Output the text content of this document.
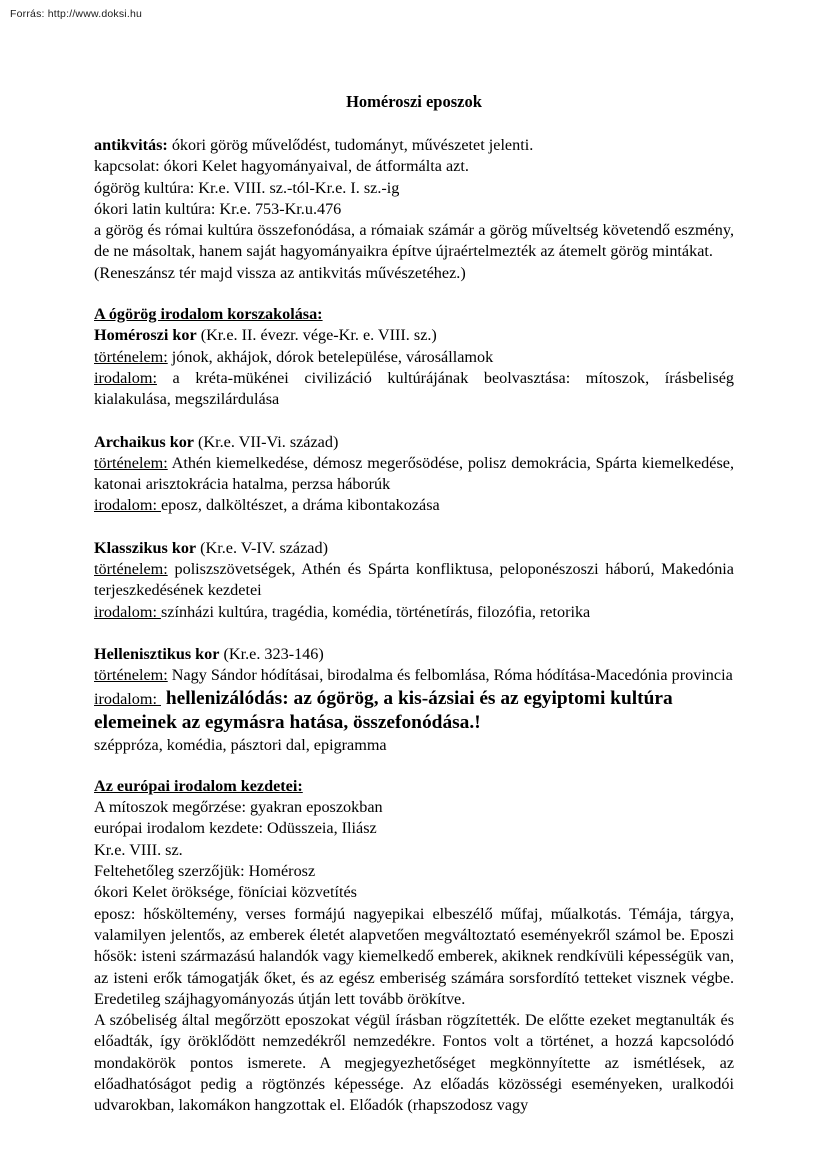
Forrás: http://www.doksi.hu
Homéroszi eposzok

antikvitás: ókori görög művelődést, tudományt, művészetet jelenti.

kapcsolat: ókori Kelet hagyományaival, de átformálta azt.

ógörög kultúra: Kr.e. VIII. sz.-tól-Kr.e. I. sz.-ig

ókori latin kultúra: Kr.e. 753-Kr.u.476

a görög és római kultúra összefonódása, a rómaiak számár a görög műveltség követendő eszmény, de ne másoltak, hanem saját hagyományaikra építve újraértelmezték az átemelt görög mintákat.

(Reneszánsz tér majd vissza az antikvitás művészetéhez.)

A ógörög irodalom korszakolása:

Homéroszi kor (Kr.e. II. évezr. vége-Kr. e. VIII. sz.)

történelem: jónok, akhájok, dórok betelepülése, városállamok

irodalom: a kréta-mükénei civilizáció kultúrájának beolvasztása: mítoszok, írásbeliség kialakulása, megszilárdulása

Archaikus kor (Kr.e. VII-Vi. század)

történelem: Athén kiemelkedése, démosz megerősödése, polisz demokrácia, Spárta kiemelkedése, katonai arisztokrácia hatalma, perzsa háborúk

irodalom: eposz, dalköltészet, a dráma kibontakozása

Klasszikus kor (Kr.e. V-IV. század)

történelem: poliszszövetségek, Athén és Spárta konfliktusa, peloponészoszi háború, Makedónia terjeszkedésének kezdetei

irodalom: színházi kultúra, tragédia, komédia, történetírás, filozófia, retorika

Hellenisztikus kor (Kr.e. 323-146)

történelem: Nagy Sándor hódításai, birodalma és felbomlása, Róma hódítása-Macedónia provincia

irodalom:  hellenizálódás: az ógörög, a kis-ázsiai és az egyiptomi kultúra elemeinek az egymásra hatása, összefonódása.!

széppróza, komédia, pásztori dal, epigramma

Az európai irodalom kezdetei:

A mítoszok megőrzése: gyakran eposzokban

európai irodalom kezdete: Odüsszeia, Iliász

Kr.e. VIII. sz.

Feltehetőleg szerzőjük: Homérosz

ókori Kelet öröksége, föníciai közvetítés

eposz: hősköltemény, verses formájú nagyepikai elbeszélő műfaj, műalkotás. Témája, tárgya, valamilyen jelentős, az emberek életét alapvetően megváltoztató eseményekről számol be. Eposzi hősök: isteni származású halandók vagy kiemelkedő emberek, akiknek rendkívüli képességük van, az isteni erők támogatják őket, és az egész emberiség számára sorsfordító tetteket visznek végbe. Eredetileg szájhagyományozás útján lett tovább örökítve.

A szóbeliség által megőrzött eposzokat végül írásban rögzítették. De előtte ezeket megtanulták és előadták, így öröklődött nemzedékről nemzedékre. Fontos volt a történet, a hozzá kapcsolódó mondakörök pontos ismerete. A megjegyezhetőséget megkönnyítette az ismétlések, az előadhatóságot pedig a rögtönzés képessége. Az előadás közösségi eseményeken, uralkodói udvarokban, lakomákon hangzottak el. Előadók (rhapszodosz vagy
